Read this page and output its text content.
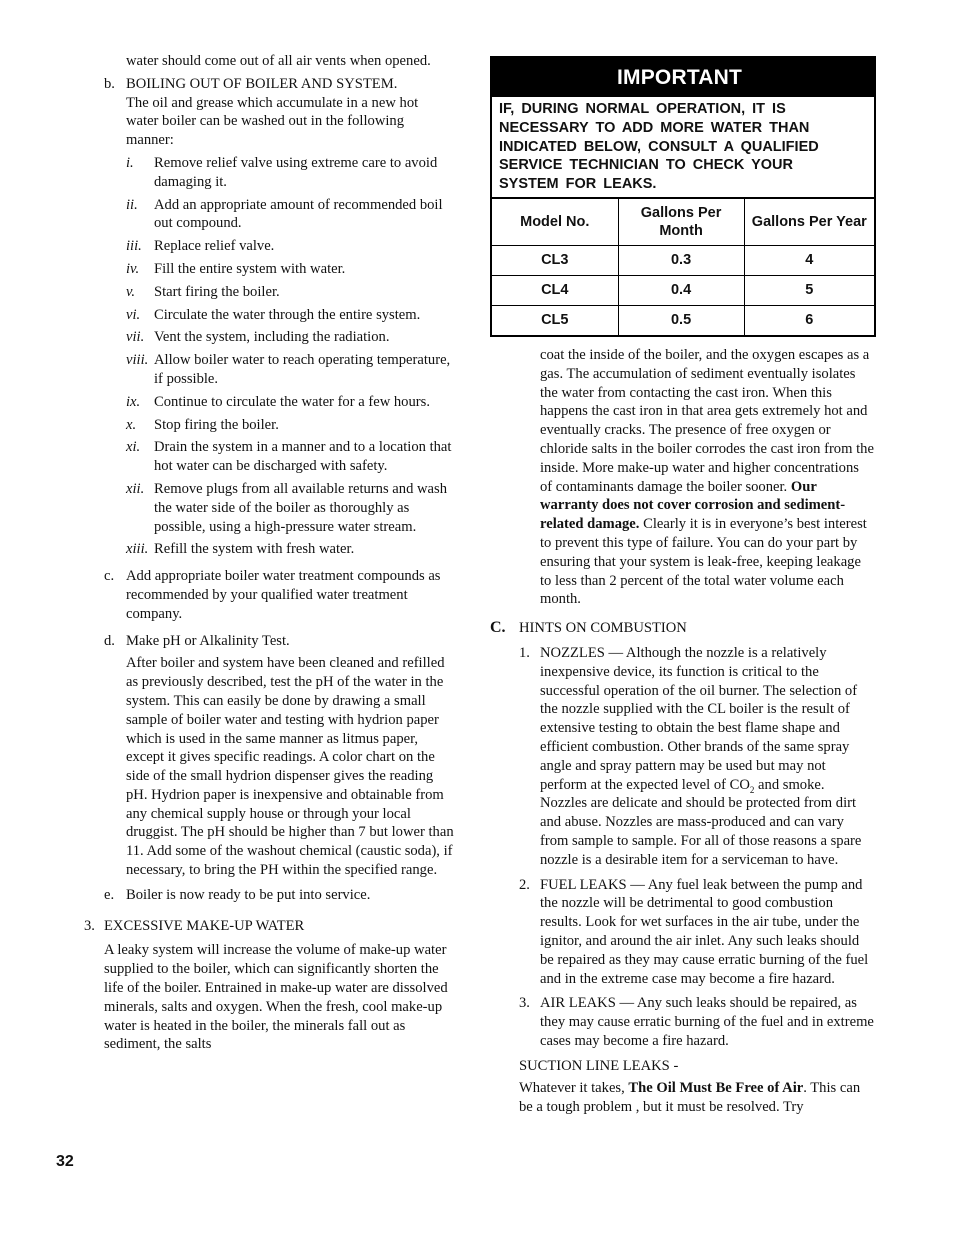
water should come out of all air vents when opened.

b. BOILING OUT OF BOILER AND SYSTEM.

The oil and grease which accumulate in a new hot water boiler can be washed out in the following manner:

i.	Remove relief valve using extreme care to avoid damaging it.
ii.	Add an appropriate amount of recommended boil out compound.
iii. Replace relief valve.
iv.	Fill the entire system with water.
v.	Start firing the boiler.
vi. Circulate the water through the entire system.
vii. Vent the system, including the radiation.
viii. Allow boiler water to reach operating temperature, if possible.
ix. Continue to circulate the water for a few hours.
x.	Stop firing the boiler.
xi. Drain the system in a manner and to a location that hot water can be discharged with safety.
xii. Remove plugs from all available returns and wash the water side of the boiler as thoroughly as possible, using a high-pressure water stream.
xiii. Refill the system with fresh water.
c. Add appropriate boiler water treatment compounds as recommended by your qualified water treatment company.
d. Make pH or Alkalinity Test.

After boiler and system have been cleaned and refilled as previously described, test the pH of the water in the system. This can easily be done by drawing a small sample of boiler water and testing with hydrion paper which is used in the same manner as litmus paper, except it gives specific readings. A color chart on the side of the small hydrion dispenser gives the reading pH. Hydrion paper is inexpensive and obtainable from any chemical supply house or through your local druggist. The pH should be higher than 7 but lower than 11. Add some of the washout chemical (caustic soda), if necessary, to bring the PH within the specified range.

e. Boiler is now ready to be put into service.
3. EXCESSIVE MAKE-UP WATER

A leaky system will increase the volume of make-up water supplied to the boiler, which can significantly shorten the life of the boiler. Entrained in make-up water are dissolved minerals, salts and oxygen. When the fresh, cool make-up water is heated in the boiler, the minerals fall out as sediment, the salts

IMPORTANT
IF, DURING NORMAL OPERATION, IT IS NECESSARY TO ADD MORE WATER THAN INDICATED BELOW, CONSULT A QUALIFIED SERVICE TECHNICIAN TO CHECK YOUR SYSTEM FOR LEAKS.
Model No.	Gallons Per Month	Gallons Per Year
CL3	0.3	4
CL4	0.4	5
CL5	0.5	6

coat the inside of the boiler, and the oxygen escapes as a gas. The accumulation of sediment eventually isolates the water from contacting the cast iron. When this happens the cast iron in that area gets extremely hot and eventually cracks. The presence of free oxygen or chloride salts in the boiler corrodes the cast iron from the inside. More make-up water and higher concentrations of contaminants damage the boiler sooner. Our warranty does not cover corrosion and sediment-related damage. Clearly it is in everyone’s best interest to prevent this type of failure. You can do your part by ensuring that your system is leak-free, keeping leakage to less than 2 percent of the total water volume each month.

C. HINTS ON COMBUSTION
1. NOZZLES — Although the nozzle is a relatively inexpensive device, its function is critical to the successful operation of the oil burner. The selection of the nozzle supplied with the CL boiler is the result of extensive testing to obtain the best flame shape and efficient combustion. Other brands of the same spray angle and spray pattern may be used but may not perform at the expected level of $CO_2$ and smoke. Nozzles are delicate and should be protected from dirt and abuse. Nozzles are mass-produced and can vary from sample to sample. For all of those reasons a spare nozzle is a desirable item for a serviceman to have.
2. FUEL LEAKS — Any fuel leak between the pump and the nozzle will be detrimental to good combustion results. Look for wet surfaces in the air tube, under the ignitor, and around the air inlet. Any such leaks should be repaired as they may cause erratic burning of the fuel and in the extreme case may become a fire hazard.
3. AIR LEAKS — Any such leaks should be repaired, as they may cause erratic burning of the fuel and in extreme cases may become a fire hazard.

SUCTION LINE LEAKS -

Whatever it takes, The Oil Must Be Free of Air. This can be a tough problem , but it must be resolved. Try

32
